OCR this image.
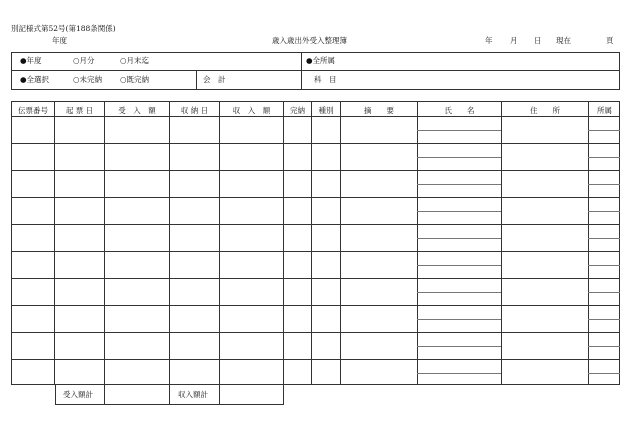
別記様式第52号(第188条関係)
年度	歳入歳出外受入整理簿	年 月 日 現在	頁
●年度	○月分	○月末迄	●全所属
●全選択	○未完納 ○既完納	会　計	科　目
伝票番号	起 票 日	受　入　額	収 納 日	収　入　額	完納	種別	摘　　要	氏　　名	住　　所	所属
受入額計	収入額計
